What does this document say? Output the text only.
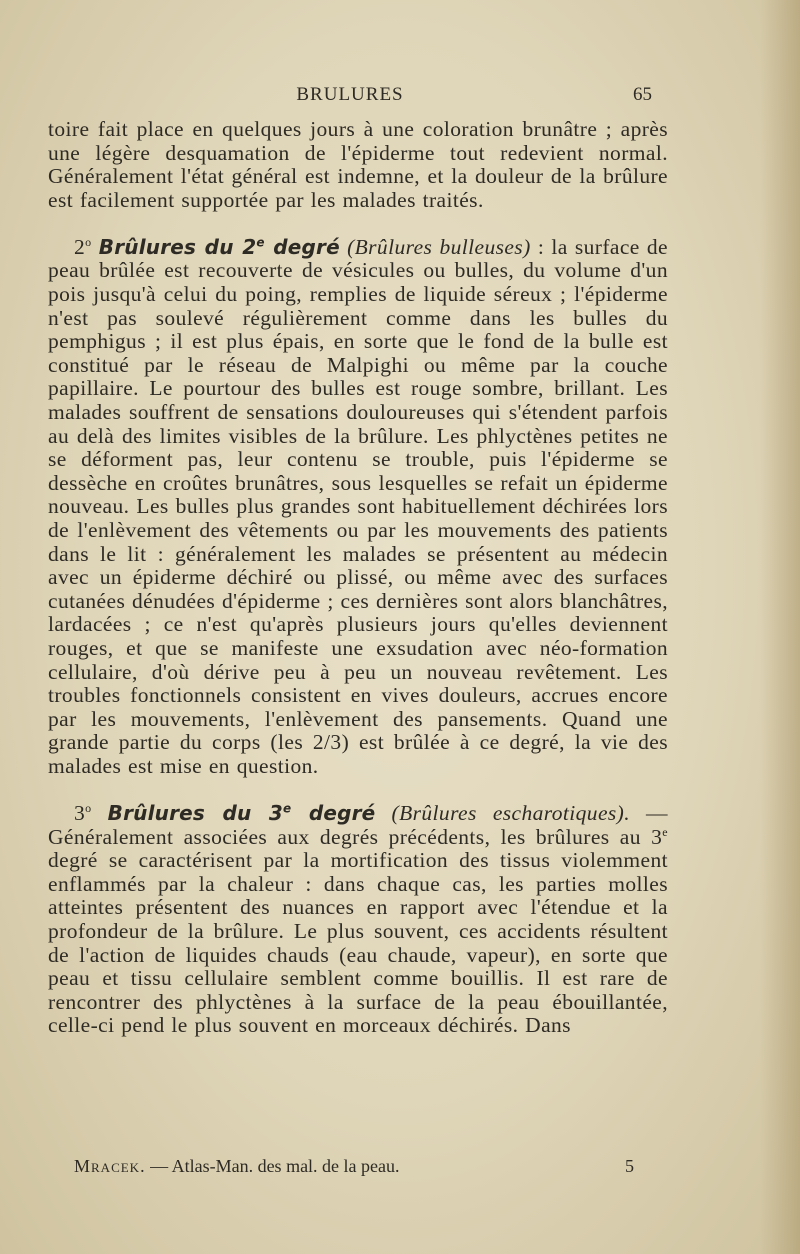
BRULURES	65

toire fait place en quelques jours à une coloration brunâtre ; après une légère desquamation de l'épiderme tout redevient normal. Généralement l'état général est indemne, et la douleur de la brûlure est facilement supportée par les malades traités.

2$^o$ Brûlures du 2e degré (Brûlures bulleuses) : la surface de peau brûlée est recouverte de vésicules ou bulles, du volume d'un pois jusqu'à celui du poing, remplies de liquide séreux ; l'épiderme n'est pas soulevé régulièrement comme dans les bulles du pemphigus ; il est plus épais, en sorte que le fond de la bulle est constitué par le réseau de Malpighi ou même par la couche papillaire. Le pourtour des bulles est rouge sombre, brillant. Les malades souffrent de sensations douloureuses qui s'étendent parfois au delà des limites visibles de la brûlure. Les phlyctènes petites ne se déforment pas, leur contenu se trouble, puis l'épiderme se dessèche en croûtes brunâtres, sous lesquelles se refait un épiderme nouveau. Les bulles plus grandes sont habituellement déchirées lors de l'enlèvement des vêtements ou par les mouvements des patients dans le lit : généralement les malades se présentent au médecin avec un épiderme déchiré ou plissé, ou même avec des surfaces cutanées dénudées d'épiderme ; ces dernières sont alors blanchâtres, lardacées ; ce n'est qu'après plusieurs jours qu'elles deviennent rouges, et que se manifeste une exsudation avec néo-formation cellulaire, d'où dérive peu à peu un nouveau revêtement. Les troubles fonctionnels consistent en vives douleurs, accrues encore par les mouvements, l'enlèvement des pansements. Quand une grande partie du corps (les 2/3) est brûlée à ce degré, la vie des malades est mise en question.

3$^o$ Brûlures du 3e degré (Brûlures escharotiques). — Généralement associées aux degrés précédents, les brûlures au 3e degré se caractérisent par la mortification des tissus violemment enflammés par la chaleur : dans chaque cas, les parties molles atteintes présentent des nuances en rapport avec l'étendue et la profondeur de la brûlure. Le plus souvent, ces accidents résultent de l'action de liquides chauds (eau chaude, vapeur), en sorte que peau et tissu cellulaire semblent comme bouillis. Il est rare de rencontrer des phlyctènes à la surface de la peau ébouillantée, celle-ci pend le plus souvent en morceaux déchirés. Dans

Mracek. — Atlas-Man. des mal. de la peau.	5
